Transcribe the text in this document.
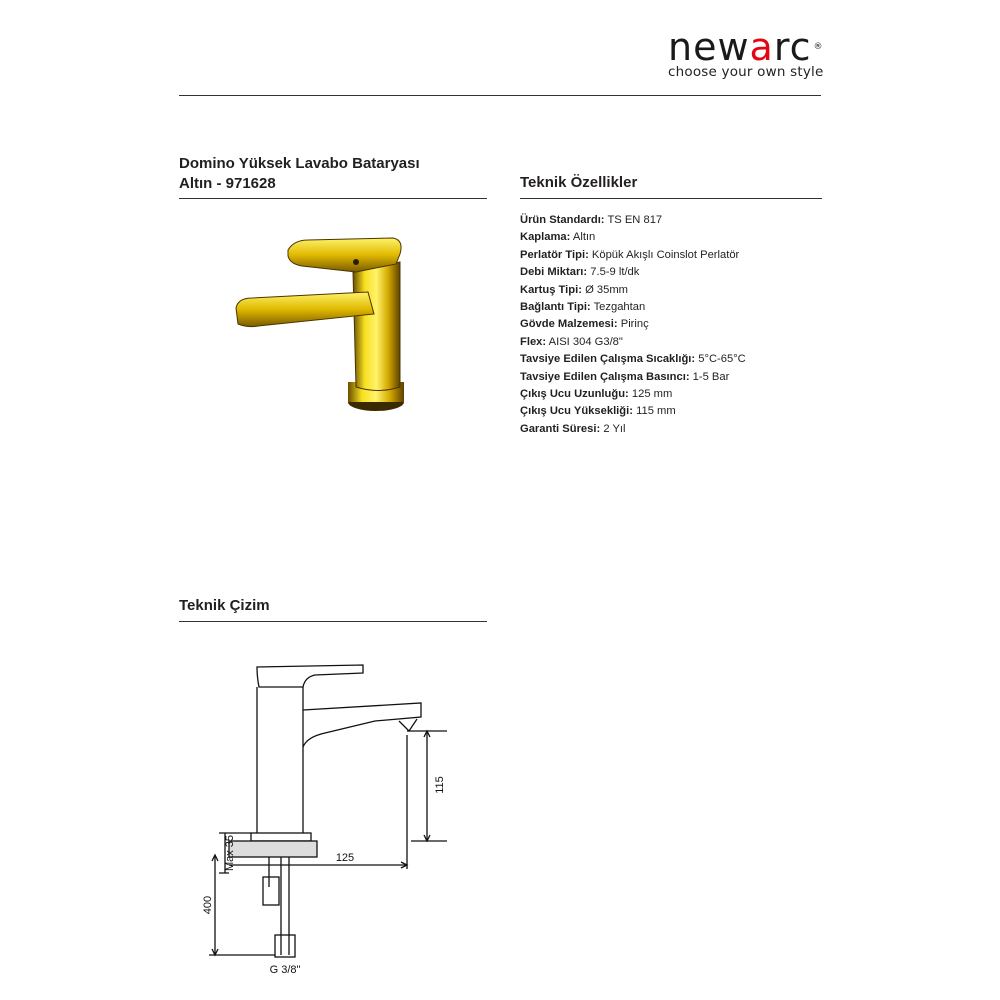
newarc ®
choose your own style
Domino Yüksek Lavabo Bataryası
Altın - 971628	Teknik Özellikler
Ürün Standardı: TS EN 817
Kaplama: Altın
Perlatör Tipi: Köpük Akışlı Coinslot Perlatör
Debi Miktarı: 7.5-9 lt/dk
Kartuş Tipi: Ø 35mm
Bağlantı Tipi: Tezgahtan
Gövde Malzemesi: Pirinç
Flex: AISI 304 G3/8"
Tavsiye Edilen Çalışma Sıcaklığı: 5°C-65°C
Tavsiye Edilen Çalışma Basıncı: 1-5 Bar
Çıkış Ucu Uzunluğu: 125 mm
Çıkış Ucu Yüksekliği: 115 mm
Garanti Süresi: 2 Yıl
Teknik Çizim
115
125
Max 35
400
G 3/8"
